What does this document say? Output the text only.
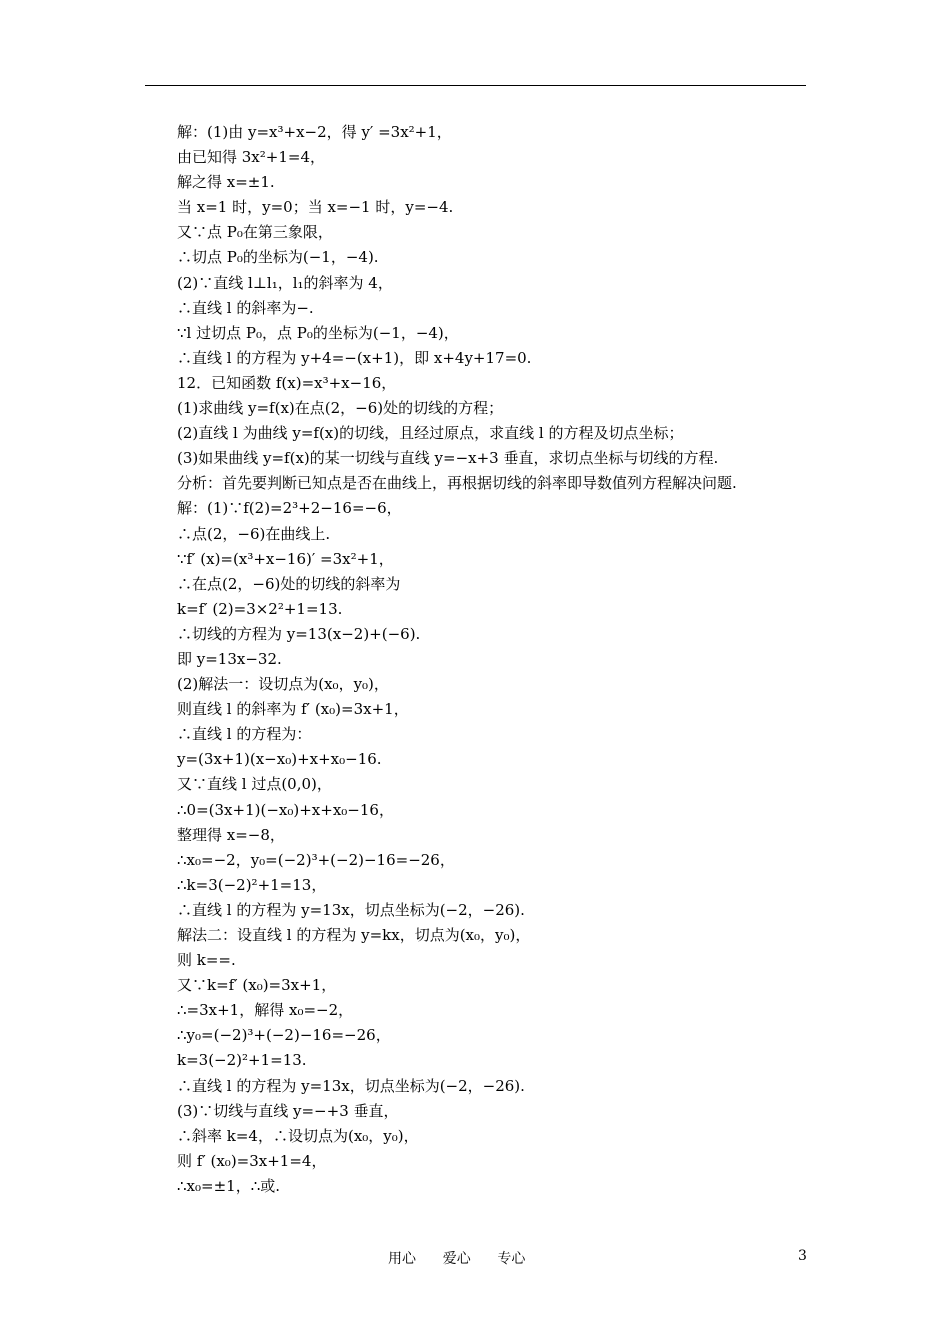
解：(1)由 y=x³+x−2，得 y′ =3x²+1，
由已知得 3x²+1=4，
解之得 x=±1.
当 x=1 时，y=0；当 x=−1 时，y=−4.
又∵点 P₀在第三象限，
∴切点 P₀的坐标为(−1，−4).
(2)∵直线 l⊥l₁，l₁的斜率为 4，
∴直线 l 的斜率为−.
∵l 过切点 P₀，点 P₀的坐标为(−1，−4)，
∴直线 l 的方程为 y+4=−(x+1)，即 x+4y+17=0.
12．已知函数 f(x)=x³+x−16，
(1)求曲线 y=f(x)在点(2，−6)处的切线的方程；
(2)直线 l 为曲线 y=f(x)的切线，且经过原点，求直线 l 的方程及切点坐标；
(3)如果曲线 y=f(x)的某一切线与直线 y=−x+3 垂直，求切点坐标与切线的方程.
分析：首先要判断已知点是否在曲线上，再根据切线的斜率即导数值列方程解决问题.
解：(1)∵f(2)=2³+2−16=−6，
∴点(2，−6)在曲线上.
∵f′ (x)=(x³+x−16)′ =3x²+1，
∴在点(2，−6)处的切线的斜率为
k=f′ (2)=3×2²+1=13.
∴切线的方程为 y=13(x−2)+(−6).
即 y=13x−32.
(2)解法一：设切点为(x₀，y₀)，
则直线 l 的斜率为 f′ (x₀)=3x+1，
∴直线 l 的方程为：
y=(3x+1)(x−x₀)+x+x₀−16.
又∵直线 l 过点(0,0)，
∴0=(3x+1)(−x₀)+x+x₀−16，
整理得 x=−8，
∴x₀=−2，y₀=(−2)³+(−2)−16=−26，
∴k=3(−2)²+1=13，
∴直线 l 的方程为 y=13x，切点坐标为(−2，−26).
解法二：设直线 l 的方程为 y=kx，切点为(x₀，y₀)，
则 k==.
又∵k=f′ (x₀)=3x+1，
∴=3x+1，解得 x₀=−2，
∴y₀=(−2)³+(−2)−16=−26，
k=3(−2)²+1=13.
∴直线 l 的方程为 y=13x，切点坐标为(−2，−26).
(3)∵切线与直线 y=−+3 垂直，
∴斜率 k=4，∴设切点为(x₀，y₀)，
则 f′ (x₀)=3x+1=4，
∴x₀=±1，∴或.
用心      爱心      专心	3
